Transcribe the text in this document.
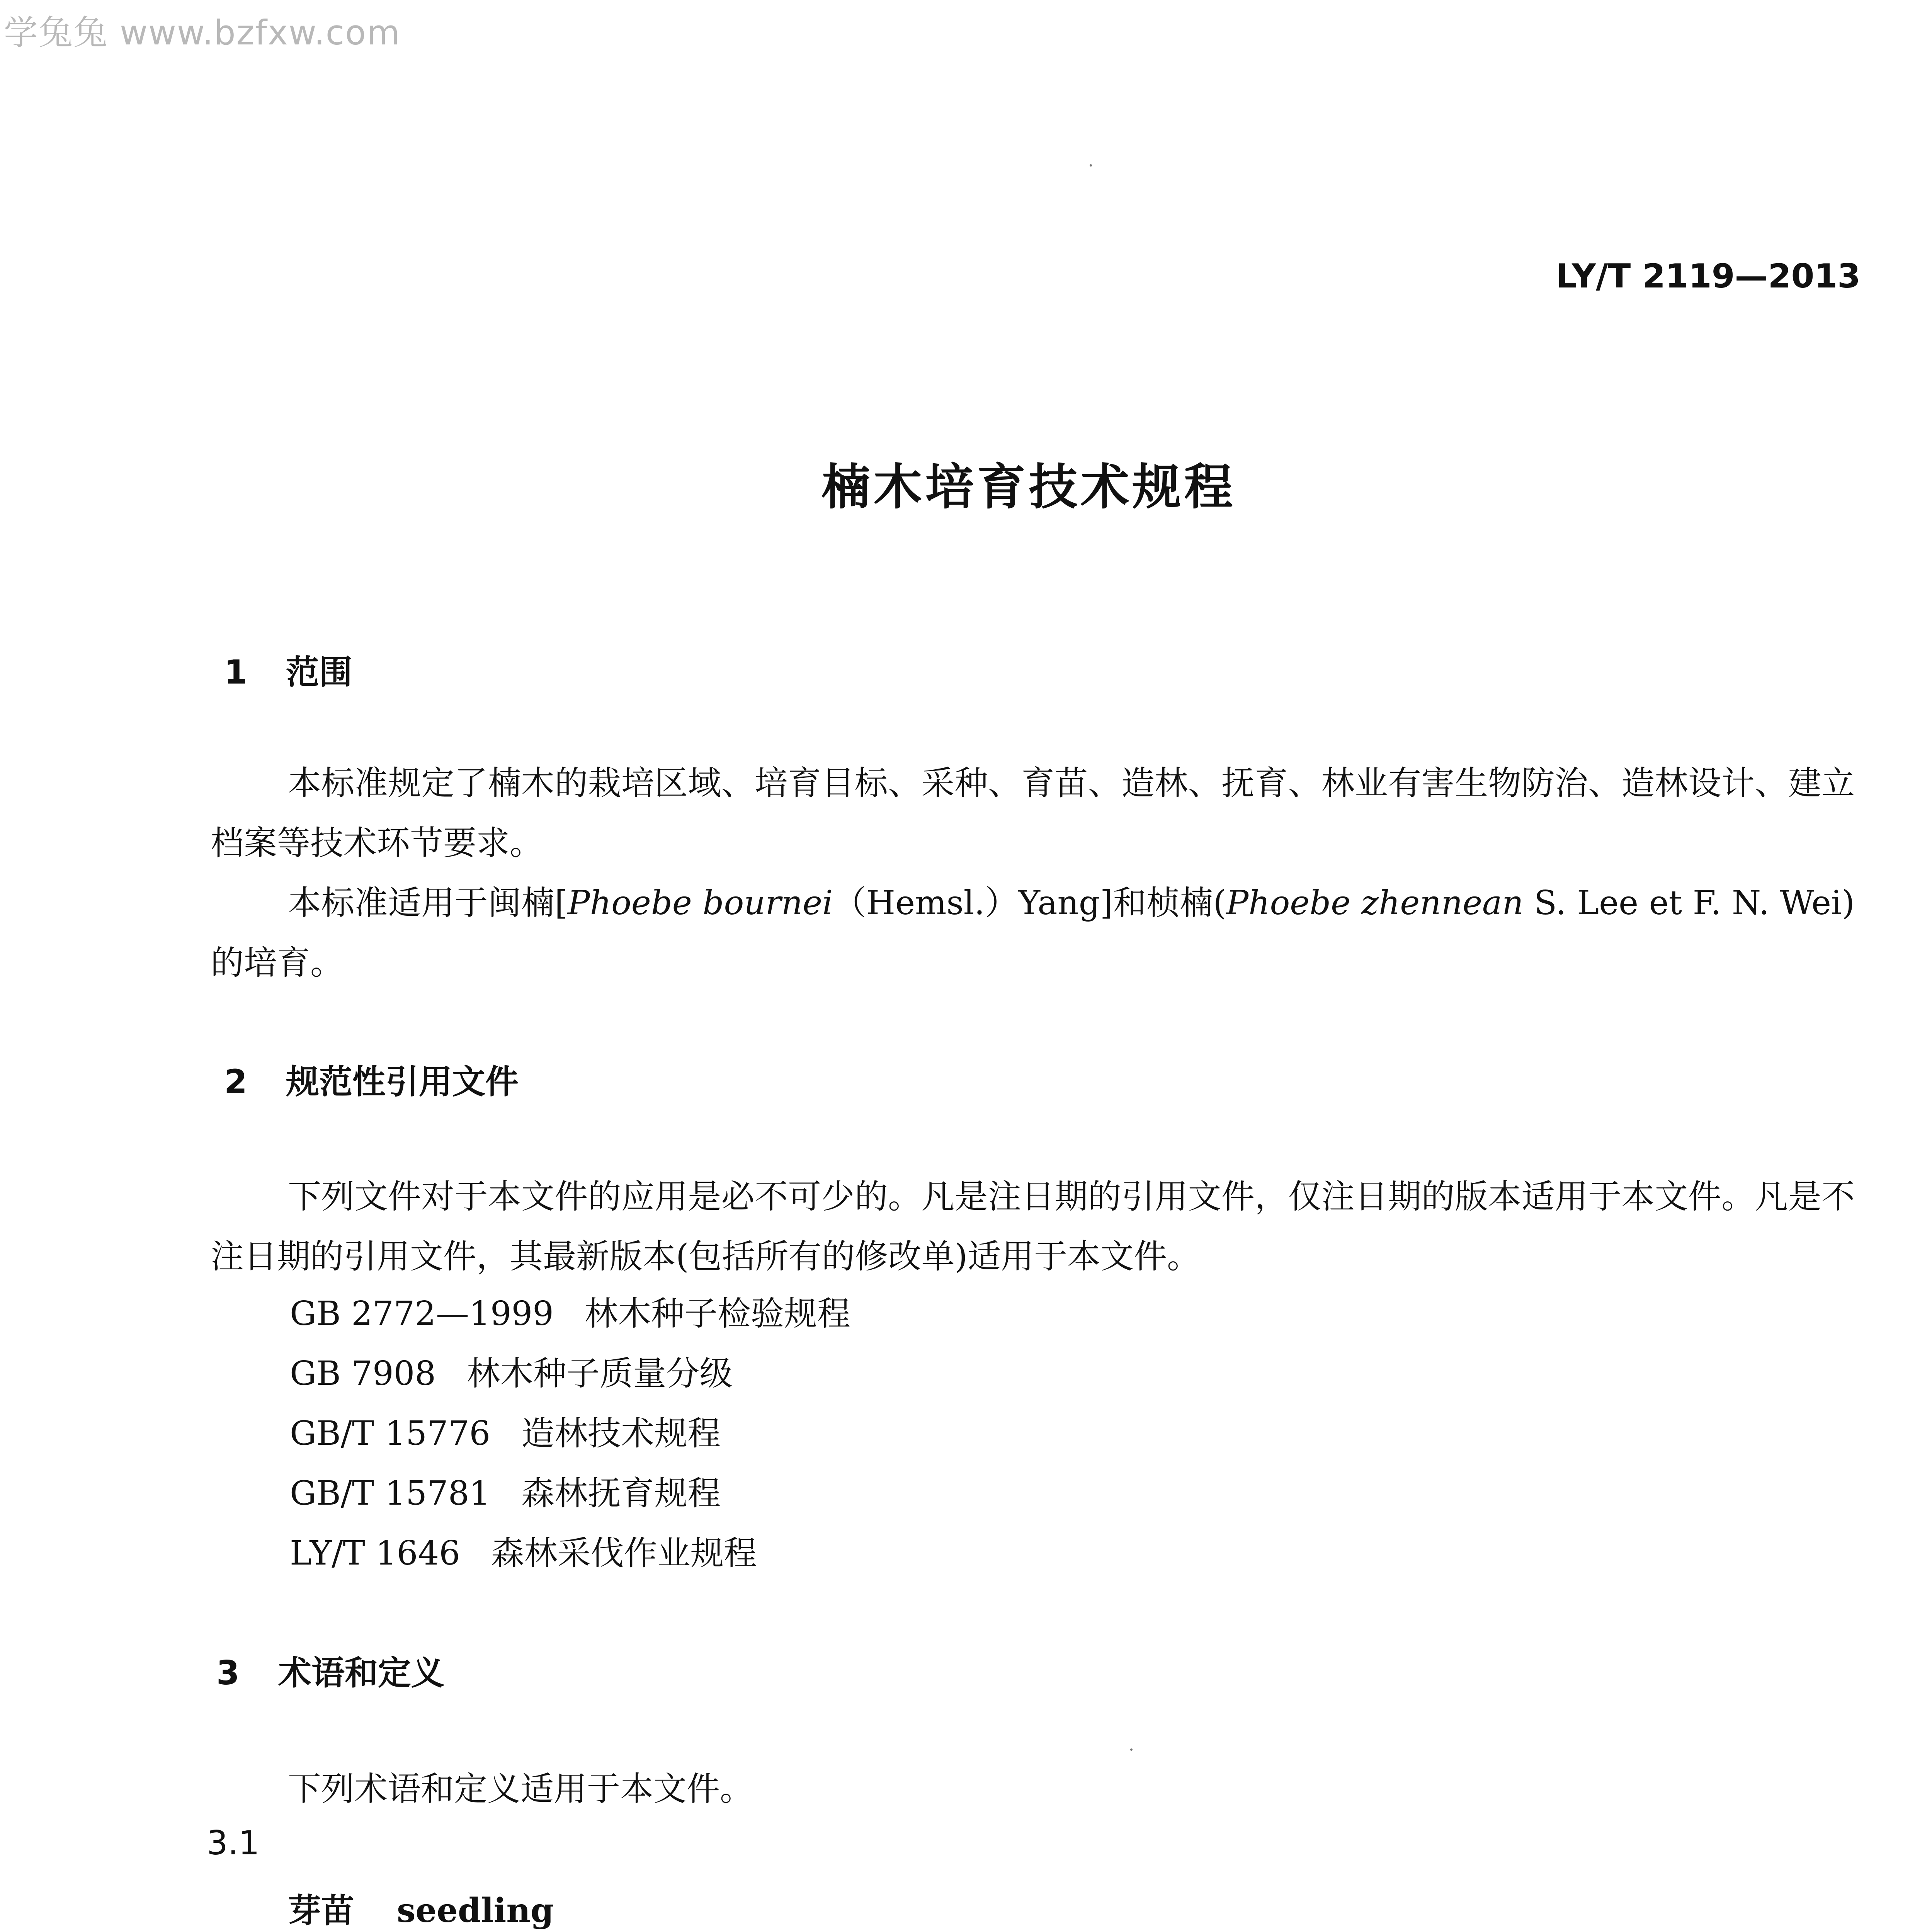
学兔兔 www.bzfxw.com
LY/T 2119—2013
楠木培育技术规程
1 范围
本标准规定了楠木的栽培区域、培育目标、采种、育苗、造林、抚育、林业有害生物防治、造林设计、建立档案等技术环节要求。
本标准适用于闽楠[Phoebe bournei（Hemsl.）Yang]和桢楠(Phoebe zhennean S. Lee et F. N. Wei)的培育。
2 规范性引用文件
下列文件对于本文件的应用是必不可少的。凡是注日期的引用文件，仅注日期的版本适用于本文件。凡是不注日期的引用文件，其最新版本(包括所有的修改单)适用于本文件。
GB 2772—1999 林木种子检验规程
GB 7908 林木种子质量分级
GB/T 15776 造林技术规程
GB/T 15781 森林抚育规程
LY/T 1646 森林采伐作业规程
3 术语和定义
下列术语和定义适用于本文件。
3.1
芽苗 seedling
